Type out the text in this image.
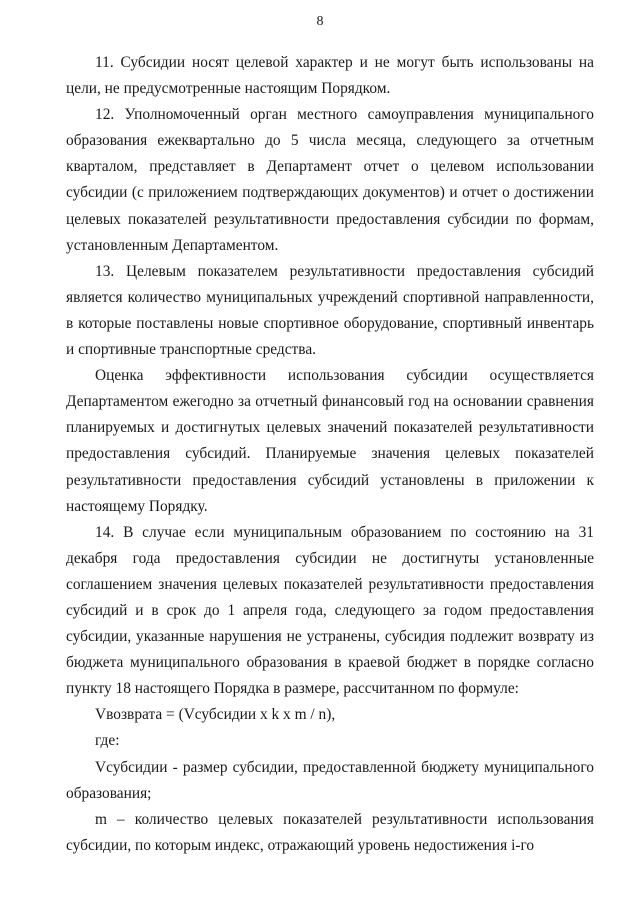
8

11. Субсидии носят целевой характер и не могут быть использованы на цели, не предусмотренные настоящим Порядком.

12. Уполномоченный орган местного самоуправления муниципального образования ежеквартально до 5 числа месяца, следующего за отчетным кварталом, представляет в Департамент отчет о целевом использовании субсидии (с приложением подтверждающих документов) и отчет о достижении целевых показателей результативности предоставления субсидии по формам, установленным Департаментом.

13. Целевым показателем результативности предоставления субсидий является количество муниципальных учреждений спортивной направленности, в которые поставлены новые спортивное оборудование, спортивный инвентарь и спортивные транспортные средства.

Оценка эффективности использования субсидии осуществляется Департаментом ежегодно за отчетный финансовый год на основании сравнения планируемых и достигнутых целевых значений показателей результативности предоставления субсидий. Планируемые значения целевых показателей результативности предоставления субсидий установлены в приложении к настоящему Порядку.

14. В случае если муниципальным образованием по состоянию на 31 декабря года предоставления субсидии не достигнуты установленные соглашением значения целевых показателей результативности предоставления субсидий и в срок до 1 апреля года, следующего за годом предоставления субсидии, указанные нарушения не устранены, субсидия подлежит возврату из бюджета муниципального образования в краевой бюджет в порядке согласно пункту 18 настоящего Порядка в размере, рассчитанном по формуле:

Vвозврата = (Vсубсидии x k x m / n),

где:

Vсубсидии - размер субсидии, предоставленной бюджету муниципального образования;

m – количество целевых показателей результативности использования субсидии, по которым индекс, отражающий уровень недостижения i-го
